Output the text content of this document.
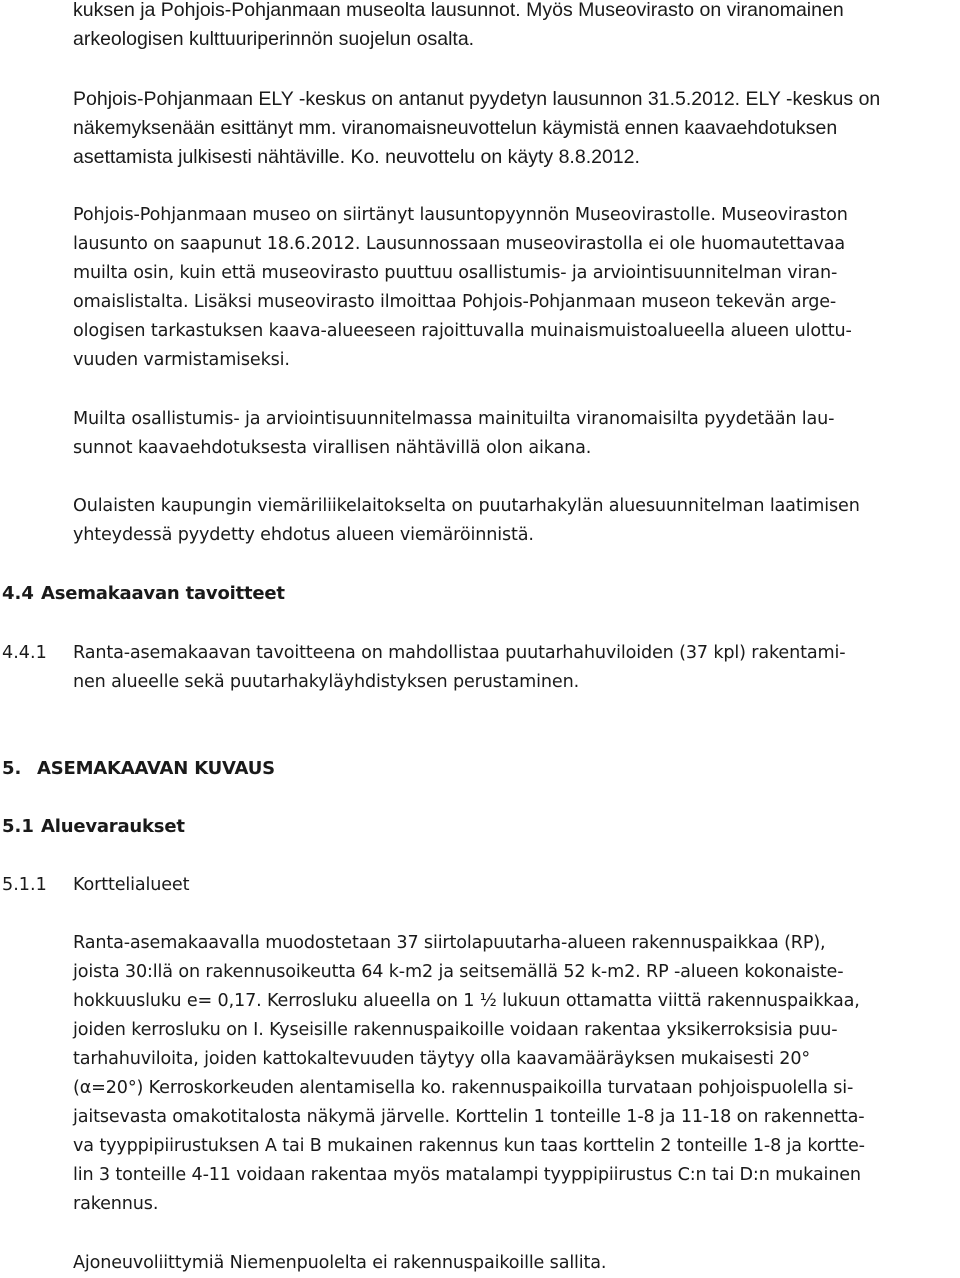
kuksen ja Pohjois-Pohjanmaan museolta lausunnot. Myös Museovirasto on viranomainen
arkeologisen kulttuuriperinnön suojelun osalta.
Pohjois-Pohjanmaan ELY -keskus on antanut pyydetyn lausunnon 31.5.2012. ELY -keskus on
näkemyksenään esittänyt mm. viranomaisneuvottelun käymistä ennen kaavaehdotuksen
asettamista julkisesti nähtäville. Ko. neuvottelu on käyty 8.8.2012.
Pohjois-Pohjanmaan museo on siirtänyt lausuntopyynnön Museovirastolle. Museoviraston
lausunto on saapunut 18.6.2012. Lausunnossaan museovirastolla ei ole huomautettavaa
muilta osin, kuin että museovirasto puuttuu osallistumis- ja arviointisuunnitelman viran-
omaislistalta. Lisäksi museovirasto ilmoittaa Pohjois-Pohjanmaan museon tekevän arge-
ologisen tarkastuksen kaava-alueeseen rajoittuvalla muinaismuistoalueella alueen ulottu-
vuuden varmistamiseksi.
Muilta osallistumis- ja arviointisuunnitelmassa mainituilta viranomaisilta pyydetään lau-
sunnot kaavaehdotuksesta virallisen nähtävillä olon aikana.
Oulaisten kaupungin viemäriliikelaitokselta on puutarhakylän aluesuunnitelman laatimisen
yhteydessä pyydetty ehdotus alueen viemäröinnistä.
4.4 Asemakaavan tavoitteet
4.4.1 Ranta-asemakaavan tavoitteena on mahdollistaa puutarhahuviloiden (37 kpl) rakentami-
nen alueelle sekä puutarhakyläyhdistyksen perustaminen.
5. ASEMAKAAVAN KUVAUS
5.1 Aluevaraukset
5.1.1 Korttelialueet
Ranta-asemakaavalla muodostetaan 37 siirtolapuutarha-alueen rakennuspaikkaa (RP),
joista 30:llä on rakennusoikeutta 64 k-m2 ja seitsemällä 52 k-m2. RP -alueen kokonaiste-
hokkuusluku e= 0,17. Kerrosluku alueella on 1 ½ lukuun ottamatta viittä rakennuspaikkaa,
joiden kerrosluku on I. Kyseisille rakennuspaikoille voidaan rakentaa yksikerroksisia puu-
tarhahuviloita, joiden kattokaltevuuden täytyy olla kaavamääräyksen mukaisesti 20°
(α=20°) Kerroskorkeuden alentamisella ko. rakennuspaikoilla turvataan pohjoispuolella si-
jaitsevasta omakotitalosta näkymä järvelle. Korttelin 1 tonteille 1-8 ja 11-18 on rakennetta-
va tyyppipiirustuksen A tai B mukainen rakennus kun taas korttelin 2 tonteille 1-8 ja kortte-
lin 3 tonteille 4-11 voidaan rakentaa myös matalampi tyyppipiirustus C:n tai D:n mukainen
rakennus.
Ajoneuvoliittymiä Niemenpuolelta ei rakennuspaikoille sallita.
